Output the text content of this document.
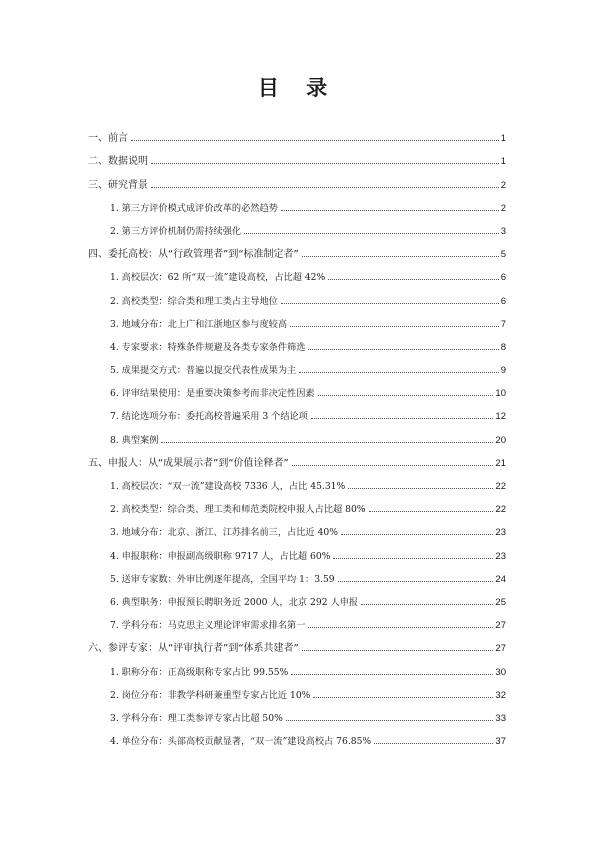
目 录
一、前言	1
二、数据说明	1
三、研究背景	2
1. 第三方评价模式成评价改革的必然趋势	2
2. 第三方评价机制仍需持续强化	3
四、委托高校：从“行政管理者”到“标准制定者”	5
1. 高校层次：62 所“双一流”建设高校，占比超 42%	6
2. 高校类型：综合类和理工类占主导地位	6
3. 地域分布：北上广和江浙地区参与度较高	7
4. 专家要求：特殊条件规避及各类专家条件筛选	8
5. 成果提交方式：普遍以提交代表性成果为主	9
6. 评审结果使用：是重要决策参考而非决定性因素	10
7. 结论选项分布：委托高校普遍采用 3 个结论项	12
8. 典型案例	20
五、申报人：从“成果展示者”到“价值诠释者”	21
1. 高校层次：“双一流”建设高校 7336 人，占比 45.31%	22
2. 高校类型：综合类、理工类和师范类院校申报人占比超 80%	22
3. 地域分布：北京、浙江、江苏排名前三，占比近 40%	23
4. 申报职称：申报副高级职称 9717 人，占比超 60%	23
5. 送审专家数：外审比例逐年提高，全国平均 1：3.59	24
6. 典型职务：申报预长聘职务近 2000 人，北京 292 人申报	25
7. 学科分布：马克思主义理论评审需求排名第一	27
六、参评专家：从“评审执行者”到“体系共建者”	27
1. 职称分布：正高级职称专家占比 99.55%	30
2. 岗位分布：非教学科研兼重型专家占比近 10%	32
3. 学科分布：理工类参评专家占比超 50%	33
4. 单位分布：头部高校贡献显著，“双一流”建设高校占 76.85%	37
